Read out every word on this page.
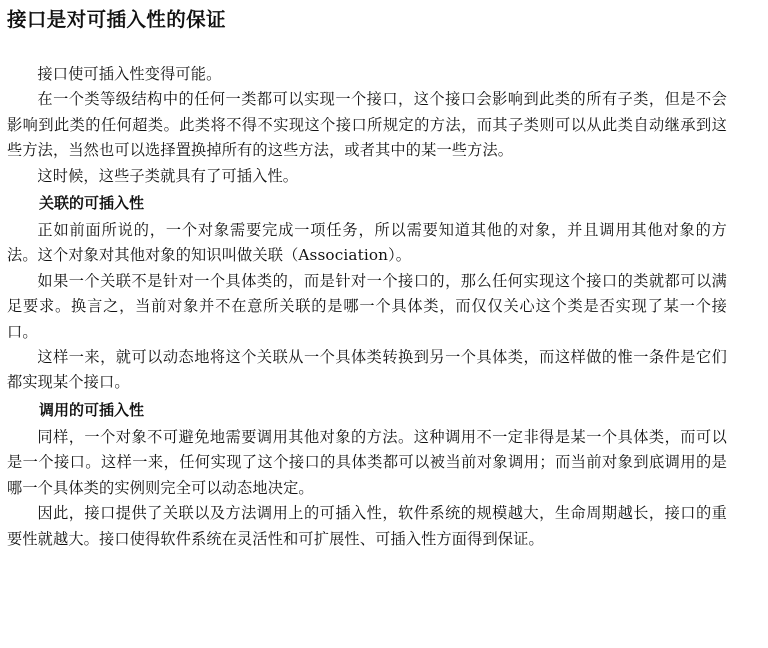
接口是对可插入性的保证

接口使可插入性变得可能。

在一个类等级结构中的任何一类都可以实现一个接口，这个接口会影响到此类的所有子类，但是不会影响到此类的任何超类。此类将不得不实现这个接口所规定的方法，而其子类则可以从此类自动继承到这些方法，当然也可以选择置换掉所有的这些方法，或者其中的某一些方法。

这时候，这些子类就具有了可插入性。

关联的可插入性

正如前面所说的，一个对象需要完成一项任务，所以需要知道其他的对象，并且调用其他对象的方法。这个对象对其他对象的知识叫做关联（Association）。

如果一个关联不是针对一个具体类的，而是针对一个接口的，那么任何实现这个接口的类就都可以满足要求。换言之，当前对象并不在意所关联的是哪一个具体类，而仅仅关心这个类是否实现了某一个接口。

这样一来，就可以动态地将这个关联从一个具体类转换到另一个具体类，而这样做的惟一条件是它们都实现某个接口。

调用的可插入性

同样，一个对象不可避免地需要调用其他对象的方法。这种调用不一定非得是某一个具体类，而可以是一个接口。这样一来，任何实现了这个接口的具体类都可以被当前对象调用；而当前对象到底调用的是哪一个具体类的实例则完全可以动态地决定。

因此，接口提供了关联以及方法调用上的可插入性，软件系统的规模越大，生命周期越长，接口的重要性就越大。接口使得软件系统在灵活性和可扩展性、可插入性方面得到保证。
